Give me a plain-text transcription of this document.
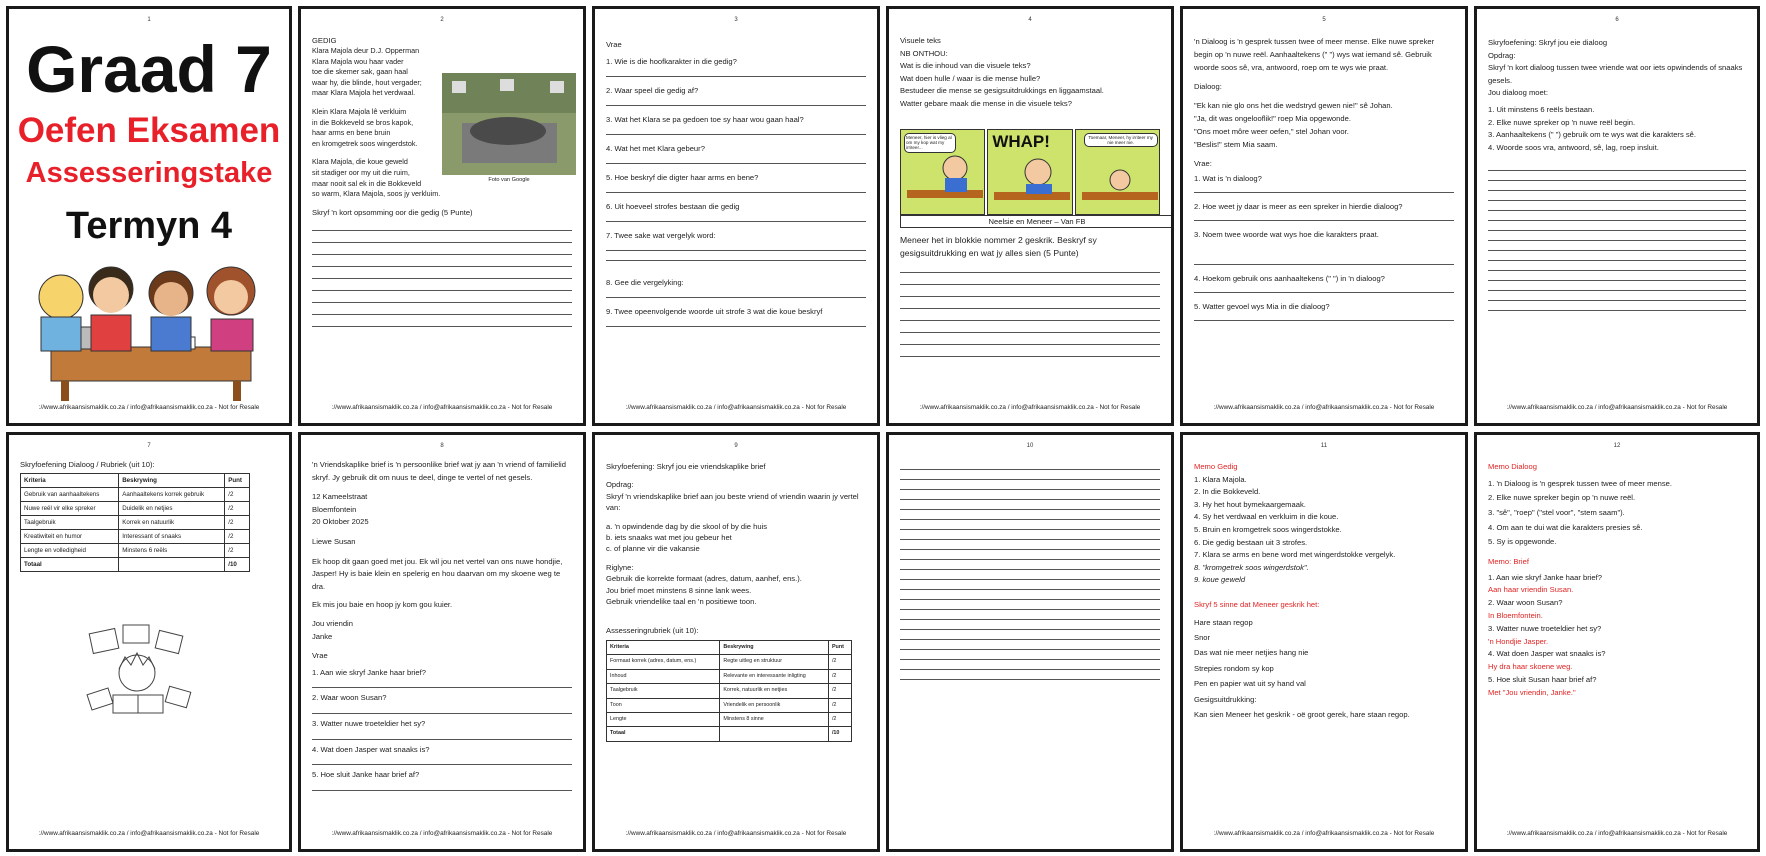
1
Graad 7
Oefen Eksamen
Assesseringstake
Termyn 4
://www.afrikaansismaklik.co.za / info@afrikaansismaklik.co.za - Not for Resale
2
GEDIG
Klara Majola deur D.J. Opperman
Klara Majola wou haar vader
toe die skemer sak, gaan haal
waar hy, die blinde, hout vergader;
maar Klara Majola het verdwaal.
Klein Klara Majola lê verkluim
in die Bokkeveld se bros kapok,
haar arms en bene bruin
en kromgetrek soos wingerdstok.
Klara Majola, die koue geweld
sit stadiger oor my uit die ruim,
maar nooit sal ek in die Bokkeveld
so warm, Klara Majola, soos jy verkluim.
Skryf 'n kort opsomming oor die gedig (5 Punte)
Foto van Google
://www.afrikaansismaklik.co.za / info@afrikaansismaklik.co.za - Not for Resale
3
Vrae
1. Wie is die hoofkarakter in die gedig?
2. Waar speel die gedig af?
3. Wat het Klara se pa gedoen toe sy haar wou gaan haal?
4. Wat het met Klara gebeur?
5. Hoe beskryf die digter haar arms en bene?
6. Uit hoeveel strofes bestaan die gedig
7. Twee sake wat vergelyk word:
8. Gee die vergelyking:
9. Twee opeenvolgende woorde uit strofe 3 wat die koue beskryf
://www.afrikaansismaklik.co.za / info@afrikaansismaklik.co.za - Not for Resale
4
Visuele teks
NB ONTHOU:
Wat is die inhoud van die visuele teks?
Wat doen hulle / waar is die mense hulle?
Bestudeer die mense se gesigsuitdrukkings en liggaamstaal.
Watter gebare maak die mense in die visuele teks?
Meneer, hier is vlieg al om my kop wat my irriteer...	WHAP!	Toemaar, Meneer, hy irriteer my nie meer nie.
Neelsie en Meneer – Van FB
Meneer het in blokkie nommer 2 geskrik. Beskryf sy gesigsuitdrukking en wat jy alles sien (5 Punte)
://www.afrikaansismaklik.co.za / info@afrikaansismaklik.co.za - Not for Resale
5
'n Dialoog is 'n gesprek tussen twee of meer mense. Elke nuwe spreker begin op 'n nuwe reël. Aanhaaltekens (" ") wys wat iemand sê. Gebruik woorde soos sê, vra, antwoord, roep om te wys wie praat.
Dialoog:
"Ek kan nie glo ons het die wedstryd gewen nie!" sê Johan.
"Ja, dit was ongelooflik!" roep Mia opgewonde.
"Ons moet môre weer oefen," stel Johan voor.
"Beslis!" stem Mia saam.
Vrae:
1. Wat is 'n dialoog?
2. Hoe weet jy daar is meer as een spreker in hierdie dialoog?
3. Noem twee woorde wat wys hoe die karakters praat.
4. Hoekom gebruik ons aanhaaltekens (" ") in 'n dialoog?
5. Watter gevoel wys Mia in die dialoog?
://www.afrikaansismaklik.co.za / info@afrikaansismaklik.co.za - Not for Resale
6
Skryfoefening: Skryf jou eie dialoog
Opdrag:
Skryf 'n kort dialoog tussen twee vriende wat oor iets opwindends of snaaks gesels.
Jou dialoog moet:
1. Uit minstens 6 reëls bestaan.
2. Elke nuwe spreker op 'n nuwe reël begin.
3. Aanhaaltekens (" ") gebruik om te wys wat die karakters sê.
4. Woorde soos vra, antwoord, sê, lag, roep insluit.
://www.afrikaansismaklik.co.za / info@afrikaansismaklik.co.za - Not for Resale
7
Skryfoefening Dialoog / Rubriek (uit 10):
Kriteria	Beskrywing	Punt
Gebruik van aanhaaltekens	Aanhaaltekens korrek gebruik	/2
Nuwe reël vir elke spreker	Duidelik en netjies	/2
Taalgebruik	Korrek en natuurlik	/2
Kreatiwiteit en humor	Interessant of snaaks	/2
Lengte en volledigheid	Minstens 6 reëls	/2
Totaal		/10
://www.afrikaansismaklik.co.za / info@afrikaansismaklik.co.za - Not for Resale
8
'n Vriendskaplike brief is 'n persoonlike brief wat jy aan 'n vriend of familielid skryf. Jy gebruik dit om nuus te deel, dinge te vertel of net gesels.
12 Kameelstraat
Bloemfontein
20 Oktober 2025
Liewe Susan
Ek hoop dit gaan goed met jou. Ek wil jou net vertel van ons nuwe hondjie, Jasper! Hy is baie klein en spelerig en hou daarvan om my skoene weg te dra.
Ek mis jou baie en hoop jy kom gou kuier.
Jou vriendin
Janke
Vrae
1. Aan wie skryf Janke haar brief?
2. Waar woon Susan?
3. Watter nuwe troeteldier het sy?
4. Wat doen Jasper wat snaaks is?
5. Hoe sluit Janke haar brief af?
://www.afrikaansismaklik.co.za / info@afrikaansismaklik.co.za - Not for Resale
9
Skryfoefening: Skryf jou eie vriendskaplike brief
Opdrag:
Skryf 'n vriendskaplike brief aan jou beste vriend of vriendin waarin jy vertel van:
a. 'n opwindende dag by die skool of by die huis
b. iets snaaks wat met jou gebeur het
c. of planne vir die vakansie
Riglyne:
Gebruik die korrekte formaat (adres, datum, aanhef, ens.).
Jou brief moet minstens 8 sinne lank wees.
Gebruik vriendelike taal en 'n positiewe toon.
Assesseringrubriek (uit 10):
Kriteria	Beskrywing	Punt
Formaat korrek (adres, datum, ens.)	Regte uitleg en struktuur	/2
Inhoud	Relevante en interessante inligting	/2
Taalgebruik	Korrek, natuurlik en netjies	/2
Toon	Vriendelik en persoonlik	/2
Lengte	Minstens 8 sinne	/2
Totaal		/10
://www.afrikaansismaklik.co.za / info@afrikaansismaklik.co.za - Not for Resale
10	11
Memo Gedig
1. Klara Majola.
2. In die Bokkeveld.
3. Hy het hout bymekaargemaak.
4. Sy het verdwaal en verkluim in die koue.
5. Bruin en kromgetrek soos wingerdstokke.
6. Die gedig bestaan uit 3 strofes.
7. Klara se arms en bene word met wingerdstokke vergelyk.
8. "kromgetrek soos wingerdstok".
9. koue geweld
Skryf 5 sinne dat Meneer geskrik het:
Hare staan regop
Snor
Das wat nie meer netjies hang nie
Strepies rondom sy kop
Pen en papier wat uit sy hand val
Gesigsuitdrukking:
Kan sien Meneer het geskrik - oë groot gerek, hare staan regop.
://www.afrikaansismaklik.co.za / info@afrikaansismaklik.co.za - Not for Resale
12
Memo Dialoog
1. 'n Dialoog is 'n gesprek tussen twee of meer mense.
2. Elke nuwe spreker begin op 'n nuwe reël.
3. "sê", "roep" ("stel voor", "stem saam").
4. Om aan te dui wat die karakters presies sê.
5. Sy is opgewonde.
Memo: Brief
1. Aan wie skryf Janke haar brief?
Aan haar vriendin Susan.
2. Waar woon Susan?
In Bloemfontein.
3. Watter nuwe troeteldier het sy?
'n Hondjie Jasper.
4. Wat doen Jasper wat snaaks is?
Hy dra haar skoene weg.
5. Hoe sluit Susan haar brief af?
Met "Jou vriendin, Janke."
://www.afrikaansismaklik.co.za / info@afrikaansismaklik.co.za - Not for Resale
